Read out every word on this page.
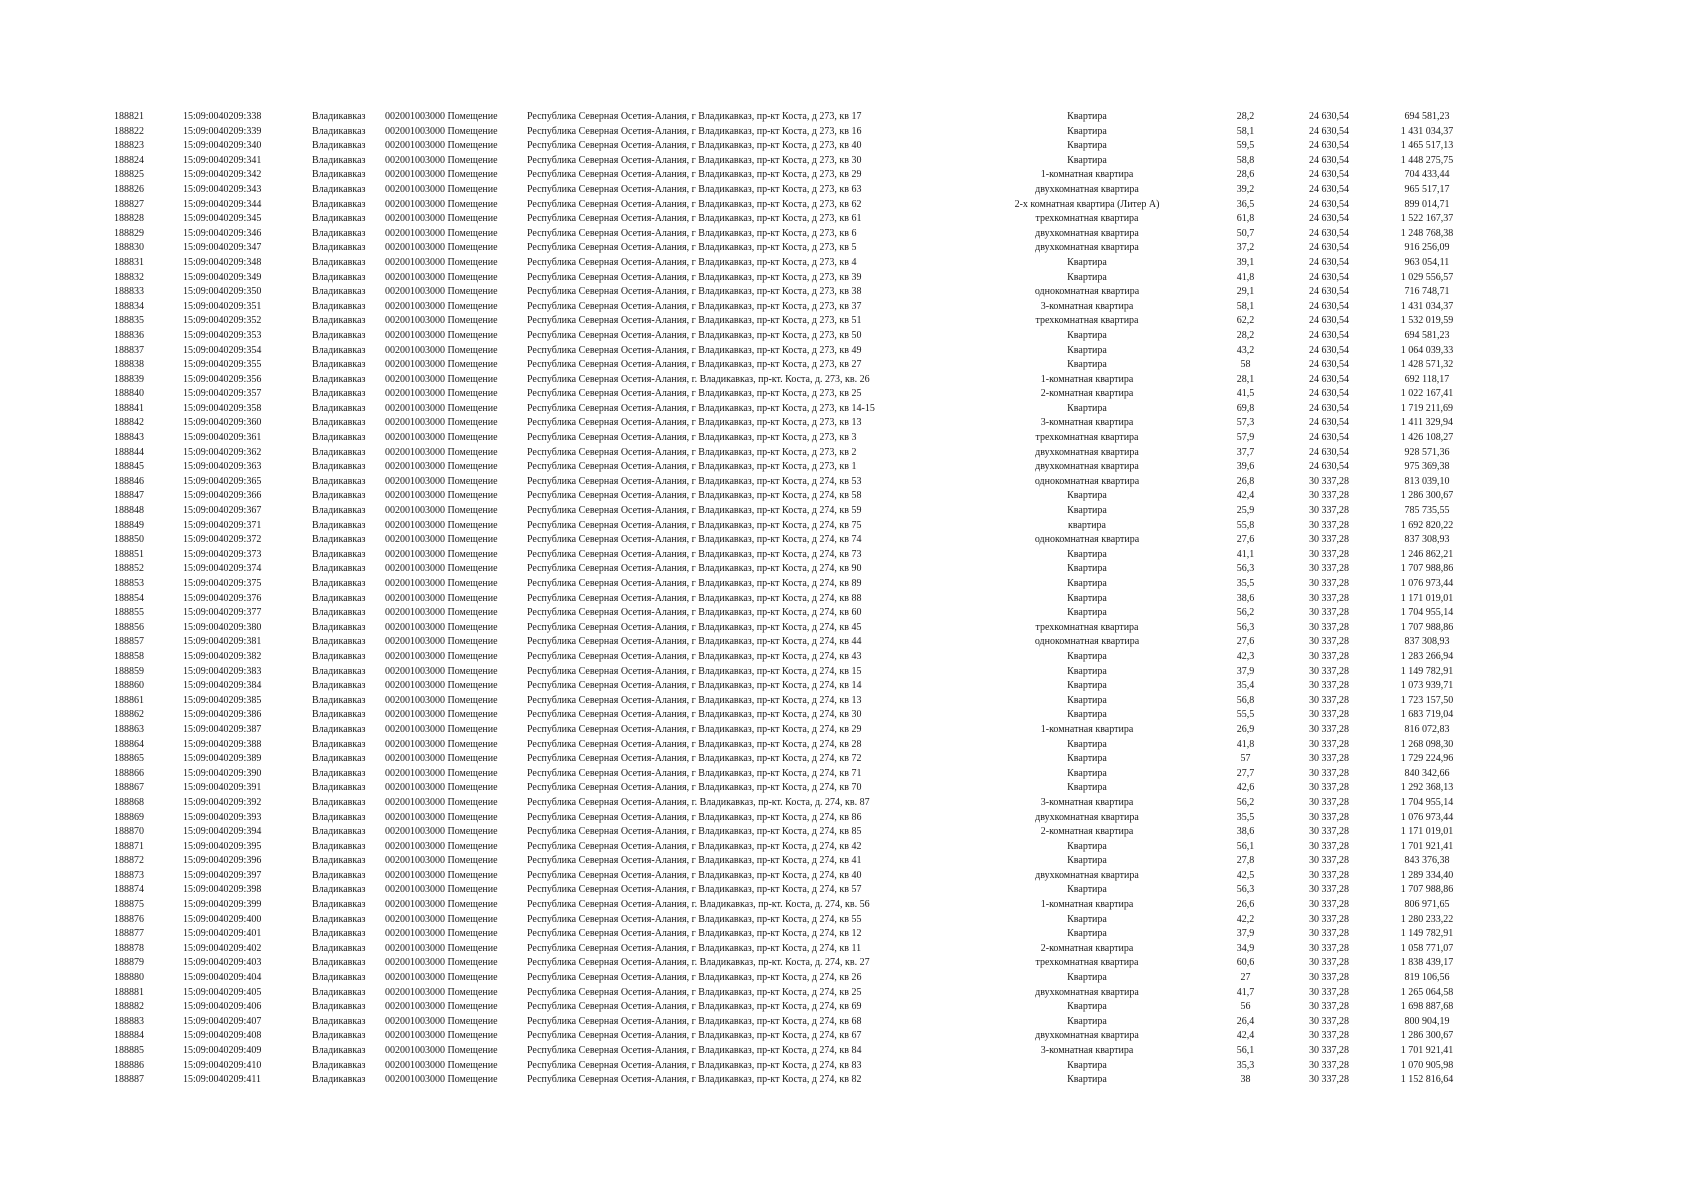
188821	15:09:0040209:338	Владикавказ	002001003000 Помещение	Республика Северная Осетия-Алания, г Владикавказ, пр-кт Коста, д 273, кв 17	Квартира	28,2	24 630,54	694 581,23
188822	15:09:0040209:339	Владикавказ	002001003000 Помещение	Республика Северная Осетия-Алания, г Владикавказ, пр-кт Коста, д 273, кв 16	Квартира	58,1	24 630,54	1 431 034,37
188823	15:09:0040209:340	Владикавказ	002001003000 Помещение	Республика Северная Осетия-Алания, г Владикавказ, пр-кт Коста, д 273, кв 40	Квартира	59,5	24 630,54	1 465 517,13
188824	15:09:0040209:341	Владикавказ	002001003000 Помещение	Республика Северная Осетия-Алания, г Владикавказ, пр-кт Коста, д 273, кв 30	Квартира	58,8	24 630,54	1 448 275,75
188825	15:09:0040209:342	Владикавказ	002001003000 Помещение	Республика Северная Осетия-Алания, г Владикавказ, пр-кт Коста, д 273, кв 29	1-комнатная квартира	28,6	24 630,54	704 433,44
188826	15:09:0040209:343	Владикавказ	002001003000 Помещение	Республика Северная Осетия-Алания, г Владикавказ, пр-кт Коста, д 273, кв 63	двухкомнатная квартира	39,2	24 630,54	965 517,17
188827	15:09:0040209:344	Владикавказ	002001003000 Помещение	Республика Северная Осетия-Алания, г Владикавказ, пр-кт Коста, д 273, кв 62	2-х комнатная квартира (Литер А)	36,5	24 630,54	899 014,71
188828	15:09:0040209:345	Владикавказ	002001003000 Помещение	Республика Северная Осетия-Алания, г Владикавказ, пр-кт Коста, д 273, кв 61	трехкомнатная квартира	61,8	24 630,54	1 522 167,37
188829	15:09:0040209:346	Владикавказ	002001003000 Помещение	Республика Северная Осетия-Алания, г Владикавказ, пр-кт Коста, д 273, кв 6	двухкомнатная квартира	50,7	24 630,54	1 248 768,38
188830	15:09:0040209:347	Владикавказ	002001003000 Помещение	Республика Северная Осетия-Алания, г Владикавказ, пр-кт Коста, д 273, кв 5	двухкомнатная квартира	37,2	24 630,54	916 256,09
188831	15:09:0040209:348	Владикавказ	002001003000 Помещение	Республика Северная Осетия-Алания, г Владикавказ, пр-кт Коста, д 273, кв 4	Квартира	39,1	24 630,54	963 054,11
188832	15:09:0040209:349	Владикавказ	002001003000 Помещение	Республика Северная Осетия-Алания, г Владикавказ, пр-кт Коста, д 273, кв 39	Квартира	41,8	24 630,54	1 029 556,57
188833	15:09:0040209:350	Владикавказ	002001003000 Помещение	Республика Северная Осетия-Алания, г Владикавказ, пр-кт Коста, д 273, кв 38	однокомнатная квартира	29,1	24 630,54	716 748,71
188834	15:09:0040209:351	Владикавказ	002001003000 Помещение	Республика Северная Осетия-Алания, г Владикавказ, пр-кт Коста, д 273, кв 37	3-комнатная квартира	58,1	24 630,54	1 431 034,37
188835	15:09:0040209:352	Владикавказ	002001003000 Помещение	Республика Северная Осетия-Алания, г Владикавказ, пр-кт Коста, д 273, кв 51	трехкомнатная квартира	62,2	24 630,54	1 532 019,59
188836	15:09:0040209:353	Владикавказ	002001003000 Помещение	Республика Северная Осетия-Алания, г Владикавказ, пр-кт Коста, д 273, кв 50	Квартира	28,2	24 630,54	694 581,23
188837	15:09:0040209:354	Владикавказ	002001003000 Помещение	Республика Северная Осетия-Алания, г Владикавказ, пр-кт Коста, д 273, кв 49	Квартира	43,2	24 630,54	1 064 039,33
188838	15:09:0040209:355	Владикавказ	002001003000 Помещение	Республика Северная Осетия-Алания, г Владикавказ, пр-кт Коста, д 273, кв 27	Квартира	58	24 630,54	1 428 571,32
188839	15:09:0040209:356	Владикавказ	002001003000 Помещение	Республика Северная Осетия-Алания, г. Владикавказ, пр-кт. Коста, д. 273, кв. 26	1-комнатная квартира	28,1	24 630,54	692 118,17
188840	15:09:0040209:357	Владикавказ	002001003000 Помещение	Республика Северная Осетия-Алания, г Владикавказ, пр-кт Коста, д 273, кв 25	2-комнатная квартира	41,5	24 630,54	1 022 167,41
188841	15:09:0040209:358	Владикавказ	002001003000 Помещение	Республика Северная Осетия-Алания, г Владикавказ, пр-кт Коста, д 273, кв 14-15	Квартира	69,8	24 630,54	1 719 211,69
188842	15:09:0040209:360	Владикавказ	002001003000 Помещение	Республика Северная Осетия-Алания, г Владикавказ, пр-кт Коста, д 273, кв 13	3-комнатная квартира	57,3	24 630,54	1 411 329,94
188843	15:09:0040209:361	Владикавказ	002001003000 Помещение	Республика Северная Осетия-Алания, г Владикавказ, пр-кт Коста, д 273, кв 3	трехкомнатная квартира	57,9	24 630,54	1 426 108,27
188844	15:09:0040209:362	Владикавказ	002001003000 Помещение	Республика Северная Осетия-Алания, г Владикавказ, пр-кт Коста, д 273, кв 2	двухкомнатная квартира	37,7	24 630,54	928 571,36
188845	15:09:0040209:363	Владикавказ	002001003000 Помещение	Республика Северная Осетия-Алания, г Владикавказ, пр-кт Коста, д 273, кв 1	двухкомнатная квартира	39,6	24 630,54	975 369,38
188846	15:09:0040209:365	Владикавказ	002001003000 Помещение	Республика Северная Осетия-Алания, г Владикавказ, пр-кт Коста, д 274, кв 53	однокомнатная квартира	26,8	30 337,28	813 039,10
188847	15:09:0040209:366	Владикавказ	002001003000 Помещение	Республика Северная Осетия-Алания, г Владикавказ, пр-кт Коста, д 274, кв 58	Квартира	42,4	30 337,28	1 286 300,67
188848	15:09:0040209:367	Владикавказ	002001003000 Помещение	Республика Северная Осетия-Алания, г Владикавказ, пр-кт Коста, д 274, кв 59	Квартира	25,9	30 337,28	785 735,55
188849	15:09:0040209:371	Владикавказ	002001003000 Помещение	Республика Северная Осетия-Алания, г Владикавказ, пр-кт Коста, д 274, кв 75	квартира	55,8	30 337,28	1 692 820,22
188850	15:09:0040209:372	Владикавказ	002001003000 Помещение	Республика Северная Осетия-Алания, г Владикавказ, пр-кт Коста, д 274, кв 74	однокомнатная квартира	27,6	30 337,28	837 308,93
188851	15:09:0040209:373	Владикавказ	002001003000 Помещение	Республика Северная Осетия-Алания, г Владикавказ, пр-кт Коста, д 274, кв 73	Квартира	41,1	30 337,28	1 246 862,21
188852	15:09:0040209:374	Владикавказ	002001003000 Помещение	Республика Северная Осетия-Алания, г Владикавказ, пр-кт Коста, д 274, кв 90	Квартира	56,3	30 337,28	1 707 988,86
188853	15:09:0040209:375	Владикавказ	002001003000 Помещение	Республика Северная Осетия-Алания, г Владикавказ, пр-кт Коста, д 274, кв 89	Квартира	35,5	30 337,28	1 076 973,44
188854	15:09:0040209:376	Владикавказ	002001003000 Помещение	Республика Северная Осетия-Алания, г Владикавказ, пр-кт Коста, д 274, кв 88	Квартира	38,6	30 337,28	1 171 019,01
188855	15:09:0040209:377	Владикавказ	002001003000 Помещение	Республика Северная Осетия-Алания, г Владикавказ, пр-кт Коста, д 274, кв 60	Квартира	56,2	30 337,28	1 704 955,14
188856	15:09:0040209:380	Владикавказ	002001003000 Помещение	Республика Северная Осетия-Алания, г Владикавказ, пр-кт Коста, д 274, кв 45	трехкомнатная квартира	56,3	30 337,28	1 707 988,86
188857	15:09:0040209:381	Владикавказ	002001003000 Помещение	Республика Северная Осетия-Алания, г Владикавказ, пр-кт Коста, д 274, кв 44	однокомнатная квартира	27,6	30 337,28	837 308,93
188858	15:09:0040209:382	Владикавказ	002001003000 Помещение	Республика Северная Осетия-Алания, г Владикавказ, пр-кт Коста, д 274, кв 43	Квартира	42,3	30 337,28	1 283 266,94
188859	15:09:0040209:383	Владикавказ	002001003000 Помещение	Республика Северная Осетия-Алания, г Владикавказ, пр-кт Коста, д 274, кв 15	Квартира	37,9	30 337,28	1 149 782,91
188860	15:09:0040209:384	Владикавказ	002001003000 Помещение	Республика Северная Осетия-Алания, г Владикавказ, пр-кт Коста, д 274, кв 14	Квартира	35,4	30 337,28	1 073 939,71
188861	15:09:0040209:385	Владикавказ	002001003000 Помещение	Республика Северная Осетия-Алания, г Владикавказ, пр-кт Коста, д 274, кв 13	Квартира	56,8	30 337,28	1 723 157,50
188862	15:09:0040209:386	Владикавказ	002001003000 Помещение	Республика Северная Осетия-Алания, г Владикавказ, пр-кт Коста, д 274, кв 30	Квартира	55,5	30 337,28	1 683 719,04
188863	15:09:0040209:387	Владикавказ	002001003000 Помещение	Республика Северная Осетия-Алания, г Владикавказ, пр-кт Коста, д 274, кв 29	1-комнатная квартира	26,9	30 337,28	816 072,83
188864	15:09:0040209:388	Владикавказ	002001003000 Помещение	Республика Северная Осетия-Алания, г Владикавказ, пр-кт Коста, д 274, кв 28	Квартира	41,8	30 337,28	1 268 098,30
188865	15:09:0040209:389	Владикавказ	002001003000 Помещение	Республика Северная Осетия-Алания, г Владикавказ, пр-кт Коста, д 274, кв 72	Квартира	57	30 337,28	1 729 224,96
188866	15:09:0040209:390	Владикавказ	002001003000 Помещение	Республика Северная Осетия-Алания, г Владикавказ, пр-кт Коста, д 274, кв 71	Квартира	27,7	30 337,28	840 342,66
188867	15:09:0040209:391	Владикавказ	002001003000 Помещение	Республика Северная Осетия-Алания, г Владикавказ, пр-кт Коста, д 274, кв 70	Квартира	42,6	30 337,28	1 292 368,13
188868	15:09:0040209:392	Владикавказ	002001003000 Помещение	Республика Северная Осетия-Алания, г. Владикавказ, пр-кт. Коста, д. 274, кв. 87	3-комнатная квартира	56,2	30 337,28	1 704 955,14
188869	15:09:0040209:393	Владикавказ	002001003000 Помещение	Республика Северная Осетия-Алания, г Владикавказ, пр-кт Коста, д 274, кв 86	двухкомнатная квартира	35,5	30 337,28	1 076 973,44
188870	15:09:0040209:394	Владикавказ	002001003000 Помещение	Республика Северная Осетия-Алания, г Владикавказ, пр-кт Коста, д 274, кв 85	2-комнатная квартира	38,6	30 337,28	1 171 019,01
188871	15:09:0040209:395	Владикавказ	002001003000 Помещение	Республика Северная Осетия-Алания, г Владикавказ, пр-кт Коста, д 274, кв 42	Квартира	56,1	30 337,28	1 701 921,41
188872	15:09:0040209:396	Владикавказ	002001003000 Помещение	Республика Северная Осетия-Алания, г Владикавказ, пр-кт Коста, д 274, кв 41	Квартира	27,8	30 337,28	843 376,38
188873	15:09:0040209:397	Владикавказ	002001003000 Помещение	Республика Северная Осетия-Алания, г Владикавказ, пр-кт Коста, д 274, кв 40	двухкомнатная квартира	42,5	30 337,28	1 289 334,40
188874	15:09:0040209:398	Владикавказ	002001003000 Помещение	Республика Северная Осетия-Алания, г Владикавказ, пр-кт Коста, д 274, кв 57	Квартира	56,3	30 337,28	1 707 988,86
188875	15:09:0040209:399	Владикавказ	002001003000 Помещение	Республика Северная Осетия-Алания, г. Владикавказ, пр-кт. Коста, д. 274, кв. 56	1-комнатная квартира	26,6	30 337,28	806 971,65
188876	15:09:0040209:400	Владикавказ	002001003000 Помещение	Республика Северная Осетия-Алания, г Владикавказ, пр-кт Коста, д 274, кв 55	Квартира	42,2	30 337,28	1 280 233,22
188877	15:09:0040209:401	Владикавказ	002001003000 Помещение	Республика Северная Осетия-Алания, г Владикавказ, пр-кт Коста, д 274, кв 12	Квартира	37,9	30 337,28	1 149 782,91
188878	15:09:0040209:402	Владикавказ	002001003000 Помещение	Республика Северная Осетия-Алания, г Владикавказ, пр-кт Коста, д 274, кв 11	2-комнатная квартира	34,9	30 337,28	1 058 771,07
188879	15:09:0040209:403	Владикавказ	002001003000 Помещение	Республика Северная Осетия-Алания, г. Владикавказ, пр-кт. Коста, д. 274, кв. 27	трехкомнатная квартира	60,6	30 337,28	1 838 439,17
188880	15:09:0040209:404	Владикавказ	002001003000 Помещение	Республика Северная Осетия-Алания, г Владикавказ, пр-кт Коста, д 274, кв 26	Квартира	27	30 337,28	819 106,56
188881	15:09:0040209:405	Владикавказ	002001003000 Помещение	Республика Северная Осетия-Алания, г Владикавказ, пр-кт Коста, д 274, кв 25	двухкомнатная квартира	41,7	30 337,28	1 265 064,58
188882	15:09:0040209:406	Владикавказ	002001003000 Помещение	Республика Северная Осетия-Алания, г Владикавказ, пр-кт Коста, д 274, кв 69	Квартира	56	30 337,28	1 698 887,68
188883	15:09:0040209:407	Владикавказ	002001003000 Помещение	Республика Северная Осетия-Алания, г Владикавказ, пр-кт Коста, д 274, кв 68	Квартира	26,4	30 337,28	800 904,19
188884	15:09:0040209:408	Владикавказ	002001003000 Помещение	Республика Северная Осетия-Алания, г Владикавказ, пр-кт Коста, д 274, кв 67	двухкомнатная квартира	42,4	30 337,28	1 286 300,67
188885	15:09:0040209:409	Владикавказ	002001003000 Помещение	Республика Северная Осетия-Алания, г Владикавказ, пр-кт Коста, д 274, кв 84	3-комнатная квартира	56,1	30 337,28	1 701 921,41
188886	15:09:0040209:410	Владикавказ	002001003000 Помещение	Республика Северная Осетия-Алания, г Владикавказ, пр-кт Коста, д 274, кв 83	Квартира	35,3	30 337,28	1 070 905,98
188887	15:09:0040209:411	Владикавказ	002001003000 Помещение	Республика Северная Осетия-Алания, г Владикавказ, пр-кт Коста, д 274, кв 82	Квартира	38	30 337,28	1 152 816,64
